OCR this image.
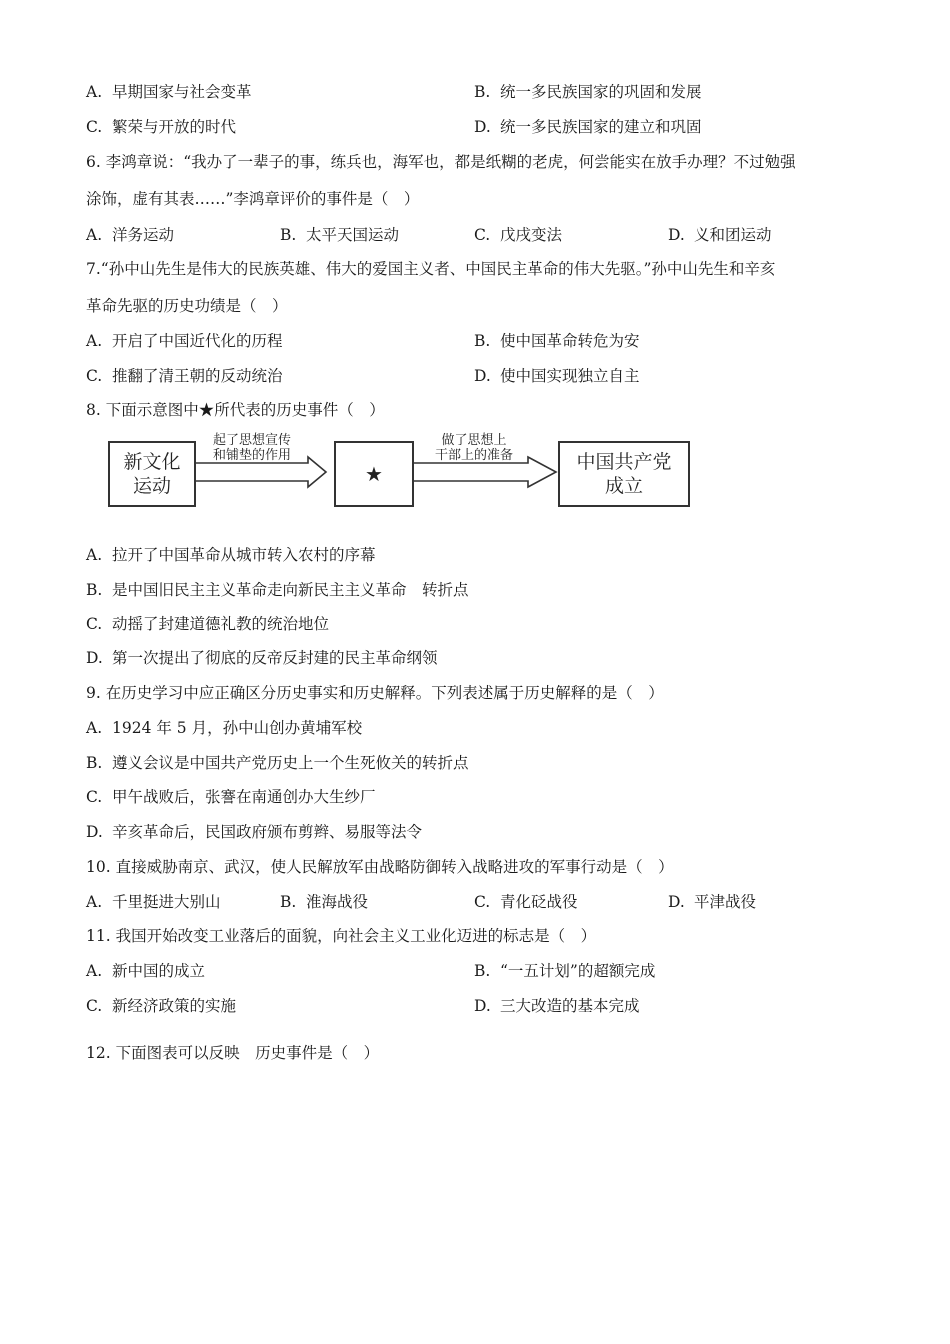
A. 早期国家与社会变革	B. 统一多民族国家的巩固和发展
C. 繁荣与开放的时代	D. 统一多民族国家的建立和巩固
6. 李鸿章说：“我办了一辈子的事，练兵也，海军也，都是纸糊的老虎，何尝能实在放手办理？不过勉强
涂饰，虚有其表……”李鸿章评价的事件是（　）
A. 洋务运动	B. 太平天国运动	C. 戊戌变法	D. 义和团运动
7.“孙中山先生是伟大的民族英雄、伟大的爱国主义者、中国民主革命的伟大先驱。”孙中山先生和辛亥
革命先驱的历史功绩是（　）
A. 开启了中国近代化的历程	B. 使中国革命转危为安
C. 推翻了清王朝的反动统治	D. 使中国实现独立自主
8. 下面示意图中★所代表的历史事件（　）
新文化
运动
起了思想宣传
和铺垫的作用
★
做了思想上
干部上的准备	中国共产党
成立
A. 拉开了中国革命从城市转入农村的序幕
B. 是中国旧民主主义革命走向新民主主义革命　转折点
C. 动摇了封建道德礼教的统治地位
D. 第一次提出了彻底的反帝反封建的民主革命纲领
9. 在历史学习中应正确区分历史事实和历史解释。下列表述属于历史解释的是（　）
A. 1924 年 5 月，孙中山创办黄埔军校
B. 遵义会议是中国共产党历史上一个生死攸关的转折点
C. 甲午战败后，张謇在南通创办大生纱厂
D. 辛亥革命后，民国政府颁布剪辫、易服等法令
10. 直接威胁南京、武汉，使人民解放军由战略防御转入战略进攻的军事行动是（　）
A. 千里挺进大别山	B. 淮海战役	C. 青化砭战役	D. 平津战役
11. 我国开始改变工业落后的面貌，向社会主义工业化迈进的标志是（　）
A. 新中国的成立	B. “一五计划”的超额完成
C. 新经济政策的实施	D. 三大改造的基本完成
12. 下面图表可以反映　历史事件是（　）
